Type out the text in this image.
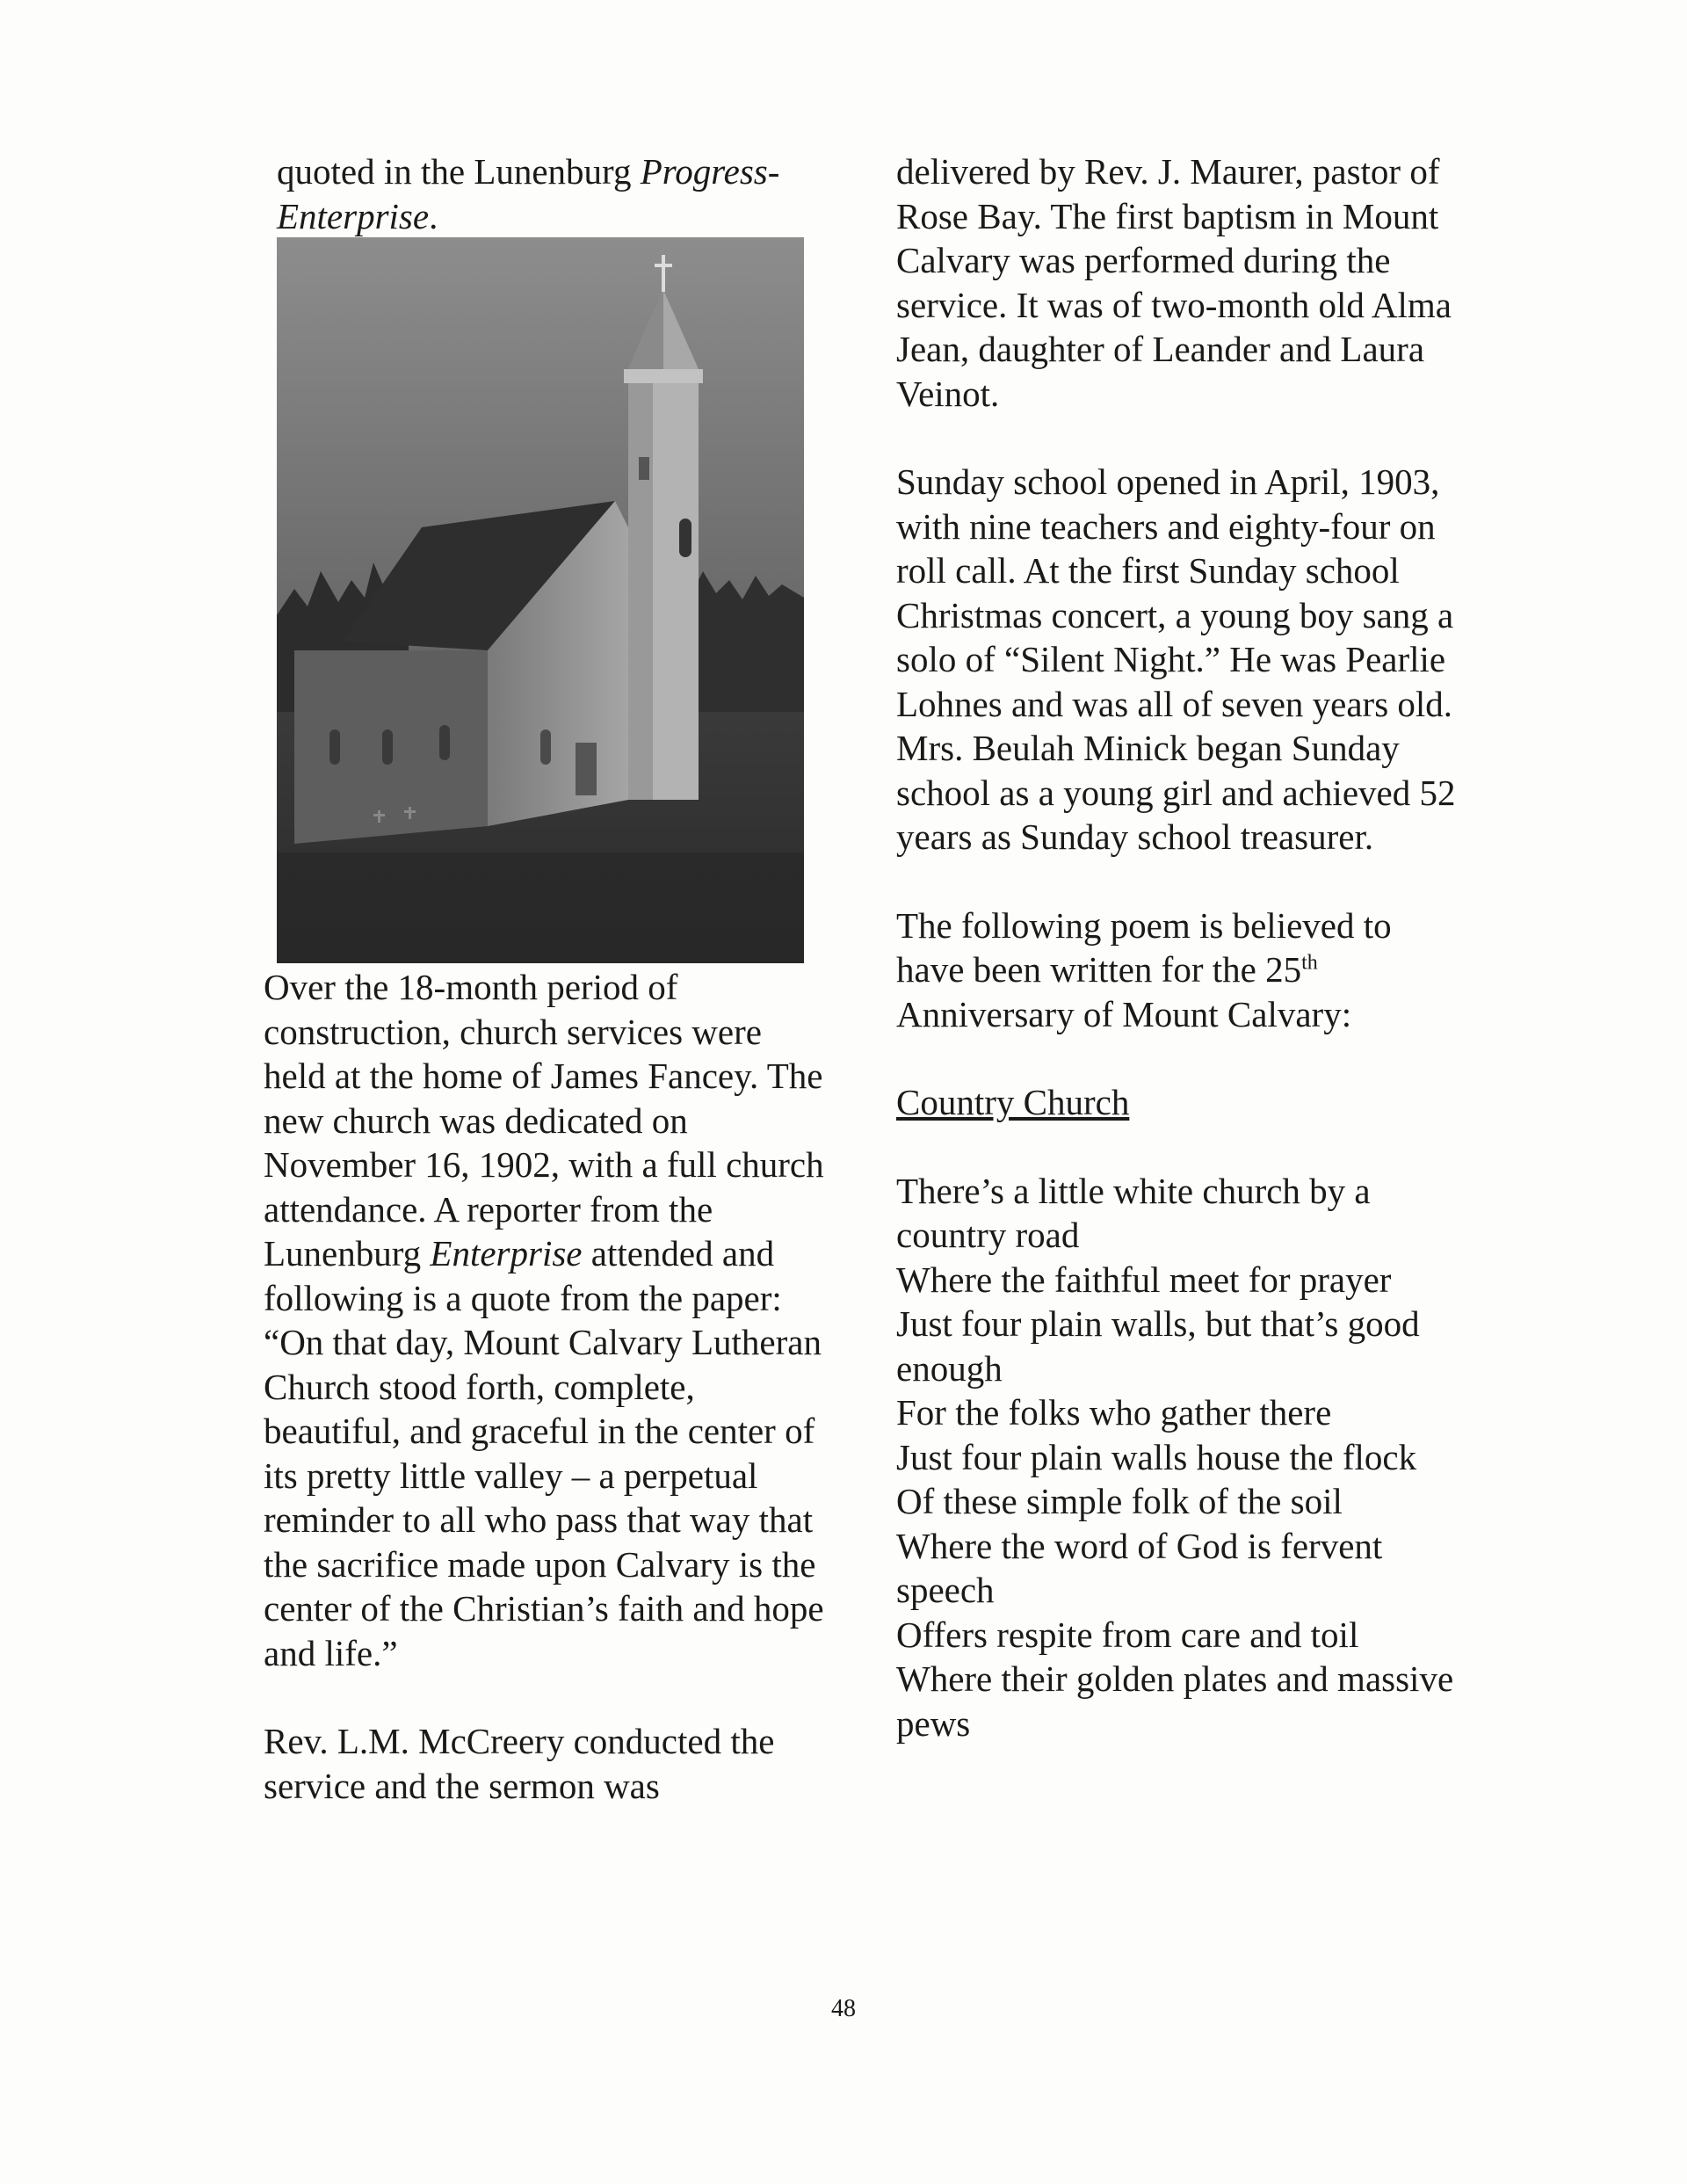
quoted in the Lunenburg Progress-Enterprise.

Over the 18-month period of construction, church services were held at the home of James Fancey. The new church was dedicated on November 16, 1902, with a full church attendance. A reporter from the Lunenburg Enterprise attended and following is a quote from the paper: “On that day, Mount Calvary Lutheran Church stood forth, complete, beautiful, and graceful in the center of its pretty little valley – a perpetual reminder to all who pass that way that the sacrifice made upon Calvary is the center of the Christian’s faith and hope and life.”

Rev. L.M. McCreery conducted the service and the sermon was

delivered by Rev. J. Maurer, pastor of Rose Bay. The first baptism in Mount Calvary was performed during the service. It was of two-month old Alma Jean, daughter of Leander and Laura Veinot.

Sunday school opened in April, 1903, with nine teachers and eighty-four on roll call. At the first Sunday school Christmas concert, a young boy sang a solo of “Silent Night.” He was Pearlie Lohnes and was all of seven years old. Mrs. Beulah Minick began Sunday school as a young girl and achieved 52 years as Sunday school treasurer.

The following poem is believed to have been written for the 25th Anniversary of Mount Calvary:

Country Church

There’s a little white church by a country road

Where the faithful meet for prayer

Just four plain walls, but that’s good enough

For the folks who gather there

Just four plain walls house the flock

Of these simple folk of the soil

Where the word of God is fervent speech

Offers respite from care and toil

Where their golden plates and massive pews

48
